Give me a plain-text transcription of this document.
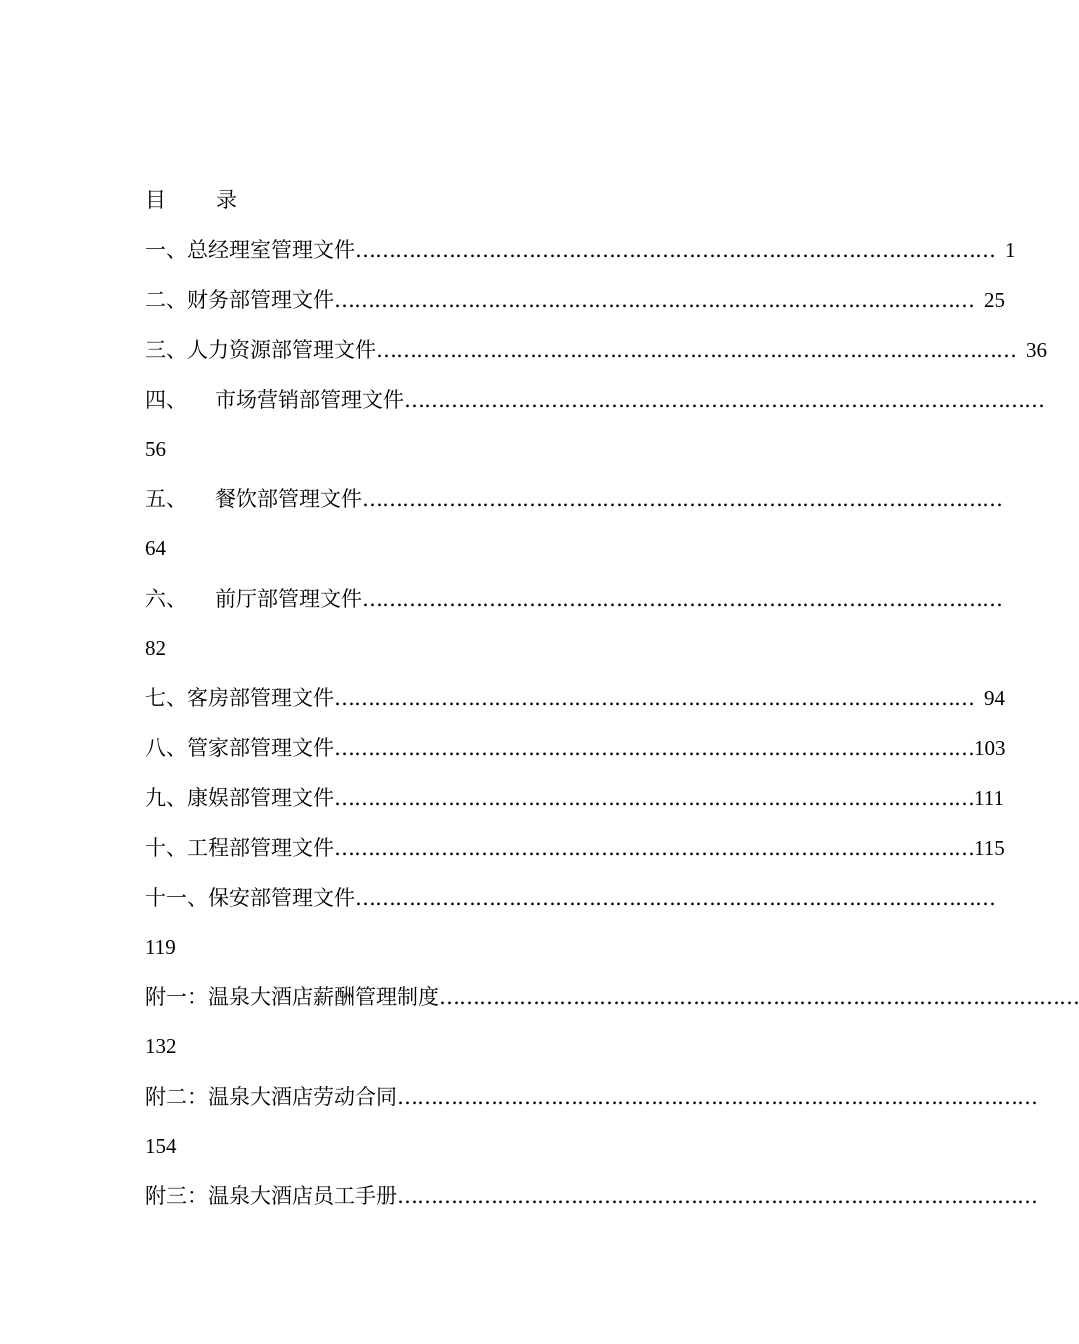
目 录
一、总经理室管理文件 …………………………………………………………………………………… 1
二、财务部管理文件 …………………………………………………………………………………… 25
三、人力资源部管理文件 …………………………………………………………………………………… 36
四、 市场营销部管理文件 ……………………………………………………………………………………
56
五、 餐饮部管理文件 ……………………………………………………………………………………
64
六、 前厅部管理文件 ……………………………………………………………………………………
82
七、客房部管理文件 …………………………………………………………………………………… 94
八、管家部管理文件 …………………………………………………………………………………… 103
九、康娱部管理文件 …………………………………………………………………………………… 111
十、工程部管理文件 …………………………………………………………………………………… 115
十一、保安部管理文件 ……………………………………………………………………………………
119
附一：温泉大酒店薪酬管理制度 ……………………………………………………………………………………
132
附二：温泉大酒店劳动合同 ……………………………………………………………………………………
154
附三：温泉大酒店员工手册 ……………………………………………………………………………………
